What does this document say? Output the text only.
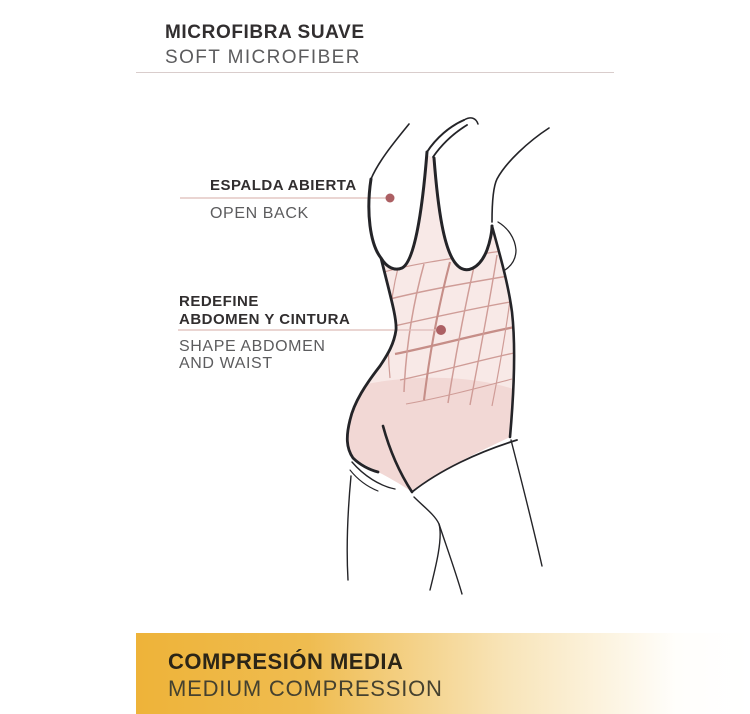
MICROFIBRA SUAVE
SOFT MICROFIBER
ESPALDA ABIERTA
OPEN BACK
REDEFINE
ABDOMEN Y CINTURA
SHAPE ABDOMEN
AND WAIST
COMPRESIÓN MEDIA
MEDIUM COMPRESSION
